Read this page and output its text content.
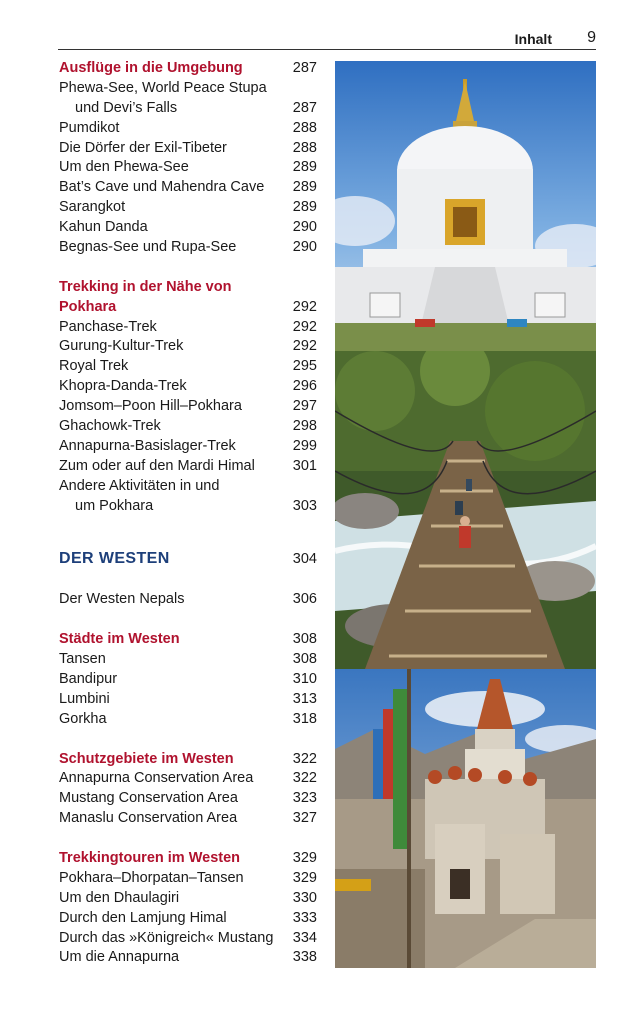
Inhalt 9
Ausflüge in die Umgebung	287
Phewa-See, World Peace Stupa
und Devi’s Falls	287
Pumdikot	288
Die Dörfer der Exil-Tibeter	288
Um den Phewa-See	289
Bat’s Cave und Mahendra Cave 289
Sarangkot	289
Kahun Danda	290
Begnas-See und Rupa-See	290
Trekking in der Nähe von
Pokhara	292
Panchase-Trek	292
Gurung-Kultur-Trek	292
Royal Trek	295
Khopra-Danda-Trek	296
Jomsom–Poon Hill–Pokhara	297
Ghachowk-Trek	298
Annapurna-Basislager-Trek	299
Zum oder auf den Mardi Himal	301
Andere Aktivitäten in und
um Pokhara	303
DER WESTEN	304
Der Westen Nepals	306
Städte im Westen	308
Tansen	308
Bandipur	310
Lumbini	313
Gorkha	318
Schutzgebiete im Westen	322
Annapurna Conservation Area	322
Mustang Conservation Area	323
Manaslu Conservation Area	327
Trekkingtouren im Westen	329
Pokhara–Dhorpatan–Tansen	329
Um den Dhaulagiri	330
Durch den Lamjung Himal	333
Durch das »Königreich« Mustang 334
Um die Annapurna	338
